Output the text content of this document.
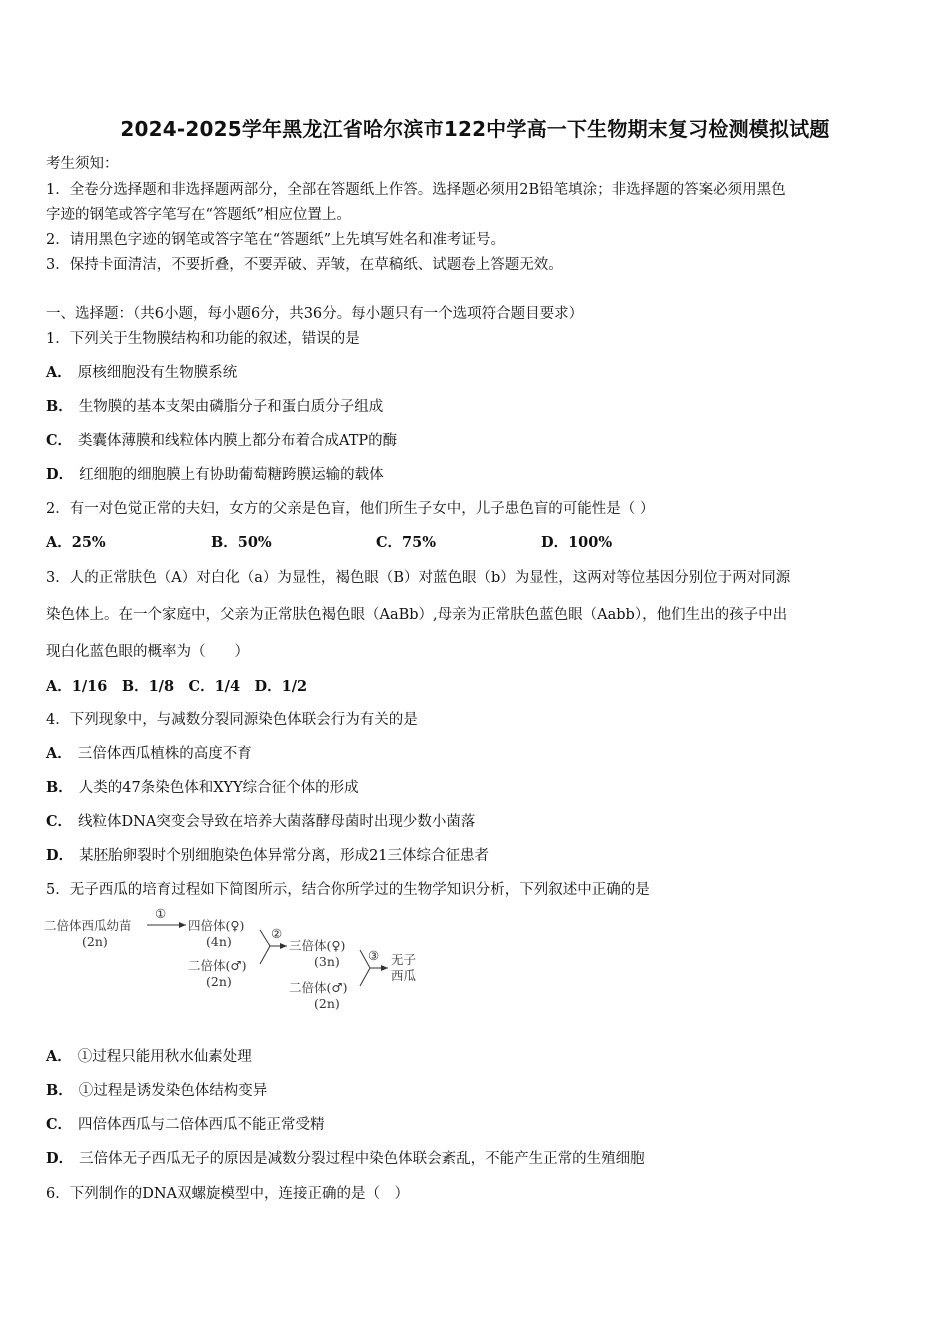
2024-2025学年黑龙江省哈尔滨市122中学高一下生物期末复习检测模拟试题
考生须知：
1．全卷分选择题和非选择题两部分，全部在答题纸上作答。选择题必须用2B铅笔填涂；非选择题的答案必须用黑色
字迹的钢笔或答字笔写在“答题纸”相应位置上。
2．请用黑色字迹的钢笔或答字笔在“答题纸”上先填写姓名和准考证号。
3．保持卡面清洁，不要折叠，不要弄破、弄皱，在草稿纸、试题卷上答题无效。
一、选择题：（共6小题，每小题6分，共36分。每小题只有一个选项符合题目要求）
1．下列关于生物膜结构和功能的叙述，错误的是
A． 原核细胞没有生物膜系统
B． 生物膜的基本支架由磷脂分子和蛋白质分子组成
C． 类囊体薄膜和线粒体内膜上都分布着合成ATP的酶
D． 红细胞的细胞膜上有协助葡萄糖跨膜运输的载体
2．有一对色觉正常的夫妇，女方的父亲是色盲，他们所生子女中，儿子患色盲的可能性是（ ）
A．25%	B．50%	C．75%	D．100%
3．人的正常肤色（A）对白化（a）为显性，褐色眼（B）对蓝色眼（b）为显性，这两对等位基因分别位于两对同源
染色体上。在一个家庭中，父亲为正常肤色褐色眼（AaBb）,母亲为正常肤色蓝色眼（Aabb），他们生出的孩子中出
现白化蓝色眼的概率为（　　）
A．1/16　B．1/8　C．1/4　D．1/2
4．下列现象中，与减数分裂同源染色体联会行为有关的是
A． 三倍体西瓜植株的高度不育
B． 人类的47条染色体和XYY综合征个体的形成
C． 线粒体DNA突变会导致在培养大菌落酵母菌时出现少数小菌落
D． 某胚胎卵裂时个别细胞染色体异常分离，形成21三体综合征患者
5．无子西瓜的培育过程如下简图所示，结合你所学过的生物学知识分析，下列叙述中正确的是
二倍体西瓜幼苗
(2n)
①
四倍体(♀)
(4n)
二倍体(♂)
(2n)
②
三倍体(♀)
(3n)
二倍体(♂)
(2n)
③ 无子
西瓜
A． ①过程只能用秋水仙素处理
B． ①过程是诱发染色体结构变异
C． 四倍体西瓜与二倍体西瓜不能正常受精
D． 三倍体无子西瓜无子的原因是减数分裂过程中染色体联会紊乱，不能产生正常的生殖细胞
6．下列制作的DNA双螺旋模型中，连接正确的是（　）
